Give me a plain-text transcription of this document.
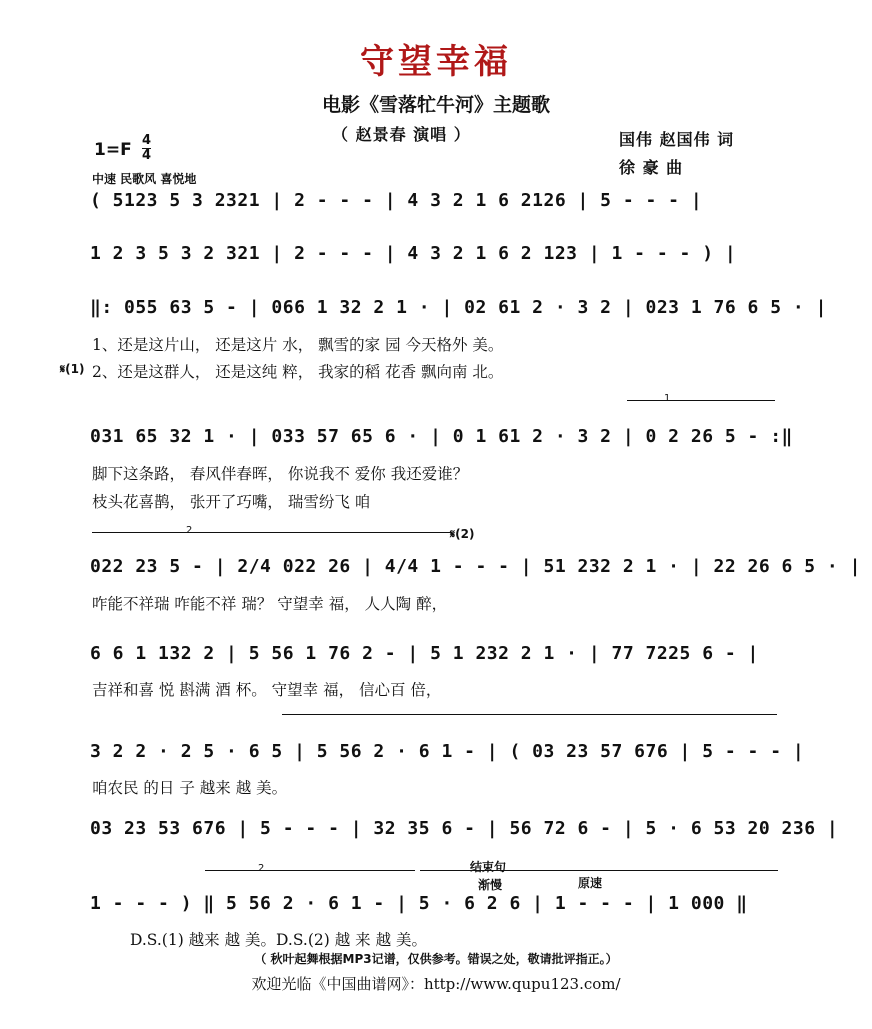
守望幸福
电影《雪落牤牛河》主题歌
（ 赵景春 演唱 ）	国伟 赵国伟 词
徐 豪 曲
$1=F \frac{4}{4}$
中速 民歌风 喜悦地
( 5123 5 3 2321 | 2 - - - | 4 3 2 1 6 2126 | 5 - - - |
1 2 3 5 3 2 321 | 2 - - - | 4 3 2 1 6 2 123 | 1 - - - ) |
‖: 055 63 5 - | 066 1 32 2 1 · | 02 61 2 · 3 2 | 023 1 76 6 5 · |
𝄋(1)
1、还是这片山， 还是这片 水， 飘雪的家 园 今天格外 美。
2、还是这群人， 还是这纯 粹， 我家的稻 花香 飘向南 北。
1
031 65 32 1 · | 033 57 65 6 · | 0 1 61 2 · 3 2 | 0 2 26 5 - :‖
脚下这条路， 春风伴春晖， 你说我不 爱你 我还爱谁？
枝头花喜鹊， 张开了巧嘴， 瑞雪纷飞 咱
2	𝄋(2)
022 23 5 - | 2/4 022 26 | 4/4 1 - - - | 51 232 2 1 · | 22 26 6 5 · |
咋能不祥瑞 咋能不祥 瑞？ 守望幸 福， 人人陶 醉，
6 6 1 132 2 | 5 56 1 76 2 - | 5 1 232 2 1 · | 77 7225 6 - |
吉祥和喜 悦 斟满 酒 杯。 守望幸 福， 信心百 倍，
3 2 2 · 2 5 · 6 5 | 5 56 2 · 6 1 - | ( 03 23 57 676 | 5 - - - |
咱农民 的日 子 越来 越 美。
03 23 53 676 | 5 - - - | 32 35 6 - | 56 72 6 - | 5 · 6 53 20 236 |
2	结束句
渐慢	原速
1 - - - ) ‖ 5 56 2 · 6 1 - | 5 · 6 2 6 | 1 - - - | 1 000 ‖
D.S.(1) 越来 越 美。D.S.(2) 越 来 越 美。
（ 秋叶起舞根据MP3记谱，仅供参考。错误之处，敬请批评指正。）
欢迎光临《中国曲谱网》：http://www.qupu123.com/
